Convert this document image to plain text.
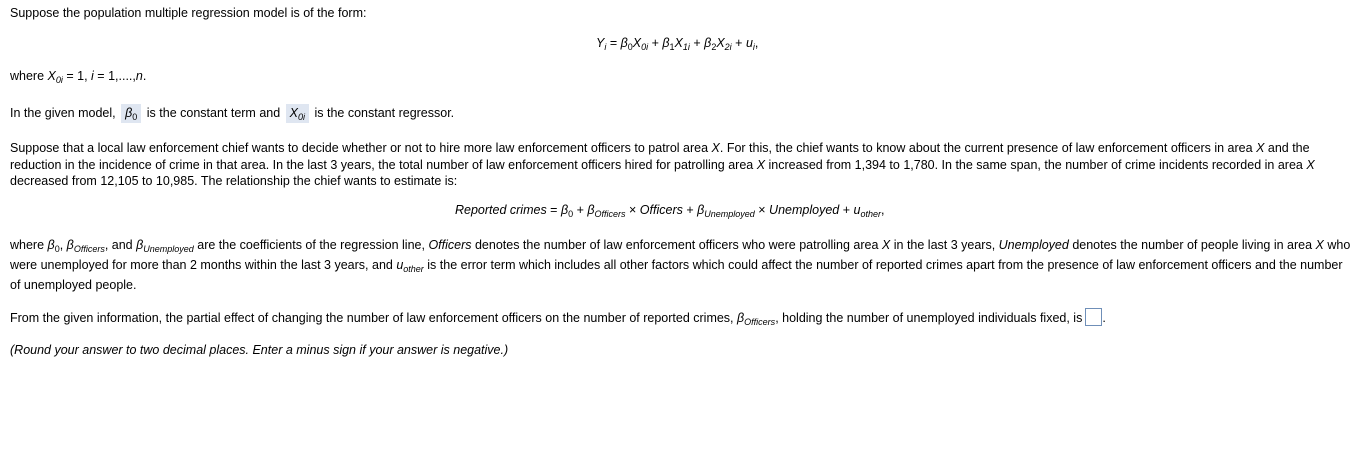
Suppose the population multiple regression model is of the form:
$Y_i = \beta_0X_{0i} + \beta_1X_{1i} + \beta_2X_{2i} + u_i$,
where $X_{0i} = 1$, i = 1,....,n.
In the given model, $\beta_0$ is the constant term and $X_{0i}$ is the constant regressor.
Suppose that a local law enforcement chief wants to decide whether or not to hire more law enforcement officers to patrol area X. For this, the chief wants to know about the current presence of law enforcement officers in area X and the reduction in the incidence of crime in that area. In the last 3 years, the total number of law enforcement officers hired for patrolling area X increased from 1,394 to 1,780. In the same span, the number of crime incidents recorded in area X decreased from 12,105 to 10,985. The relationship the chief wants to estimate is:
Reported crimes = $\beta_0 + \beta_{Officers}$ × Officers + $\beta_{Unemployed}$ × Unemployed + $u_{other}$,
where $\beta_0$, $\beta_{Officers}$, and $\beta_{Unemployed}$ are the coefficients of the regression line, Officers denotes the number of law enforcement officers who were patrolling area X in the last 3 years, Unemployed denotes the number of people living in area X who were unemployed for more than 2 months within the last 3 years, and $u_{other}$ is the error term which includes all other factors which could affect the number of reported crimes apart from the presence of law enforcement officers and the number of unemployed people.
From the given information, the partial effect of changing the number of law enforcement officers on the number of reported crimes, $\beta_{Officers}$, holding the number of unemployed individuals fixed, is .
(Round your answer to two decimal places. Enter a minus sign if your answer is negative.)
